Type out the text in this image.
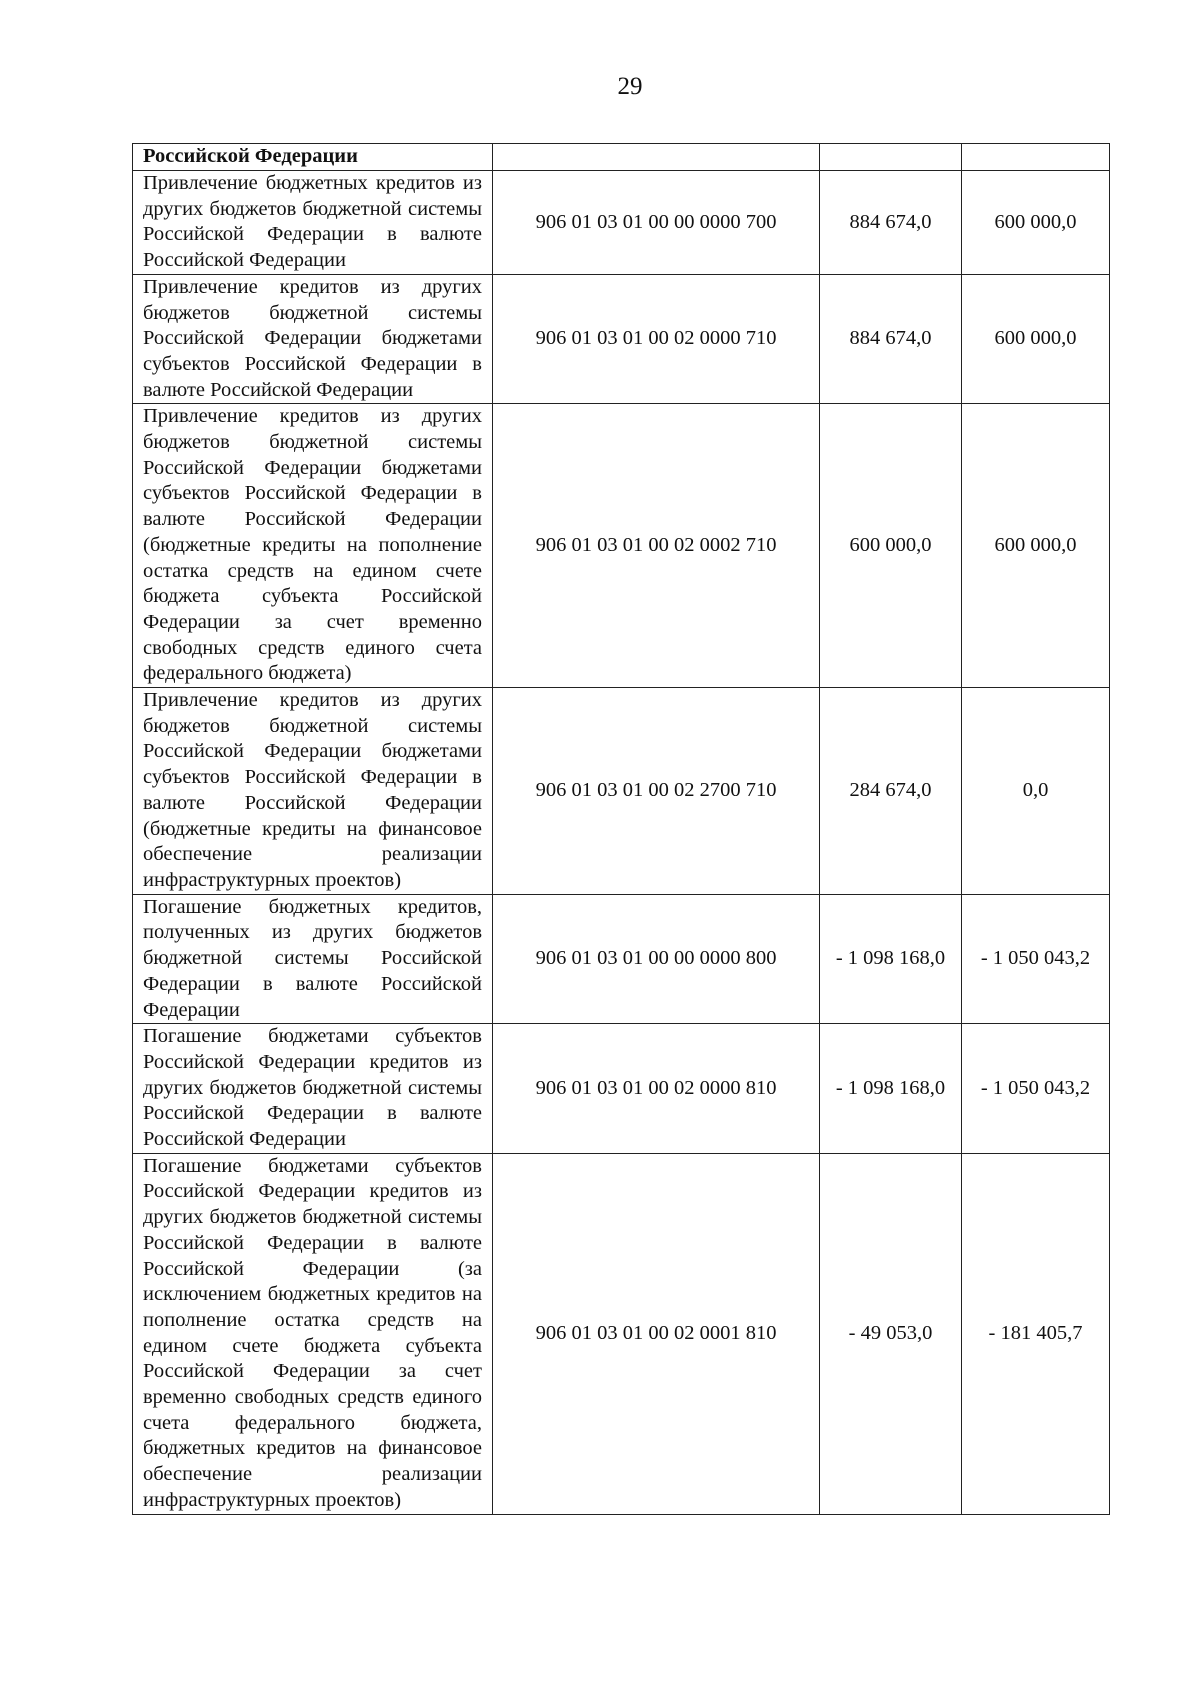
29
Российской Федерации			
Привлечение бюджетных кредитов из других бюджетов бюджетной системы Российской Федерации в валюте Российской Федерации	906 01 03 01 00 00 0000 700	884 674,0	600 000,0
Привлечение кредитов из других бюджетов бюджетной системы Российской Федерации бюджетами субъектов Российской Федерации в валюте Российской Федерации	906 01 03 01 00 02 0000 710	884 674,0	600 000,0
Привлечение кредитов из других бюджетов бюджетной системы Российской Федерации бюджетами субъектов Российской Федерации в валюте Российской Федерации (бюджетные кредиты на пополнение остатка средств на едином счете бюджета субъекта Российской Федерации за счет временно свободных средств единого счета федерального бюджета)	906 01 03 01 00 02 0002 710	600 000,0	600 000,0
Привлечение кредитов из других бюджетов бюджетной системы Российской Федерации бюджетами субъектов Российской Федерации в валюте Российской Федерации (бюджетные кредиты на финансовое обеспечение реализации инфраструктурных проектов)	906 01 03 01 00 02 2700 710	284 674,0	0,0
Погашение бюджетных кредитов, полученных из других бюджетов бюджетной системы Российской Федерации в валюте Российской Федерации	906 01 03 01 00 00 0000 800	- 1 098 168,0	- 1 050 043,2
Погашение бюджетами субъектов Российской Федерации кредитов из других бюджетов бюджетной системы Российской Федерации в валюте Российской Федерации	906 01 03 01 00 02 0000 810	- 1 098 168,0	- 1 050 043,2
Погашение бюджетами субъектов Российской Федерации кредитов из других бюджетов бюджетной системы Российской Федерации в валюте Российской Федерации (за исключением бюджетных кредитов на пополнение остатка средств на едином счете бюджета субъекта Российской Федерации за счет временно свободных средств единого счета федерального бюджета, бюджетных кредитов на финансовое обеспечение реализации инфраструктурных проектов)	906 01 03 01 00 02 0001 810	- 49 053,0	- 181 405,7
